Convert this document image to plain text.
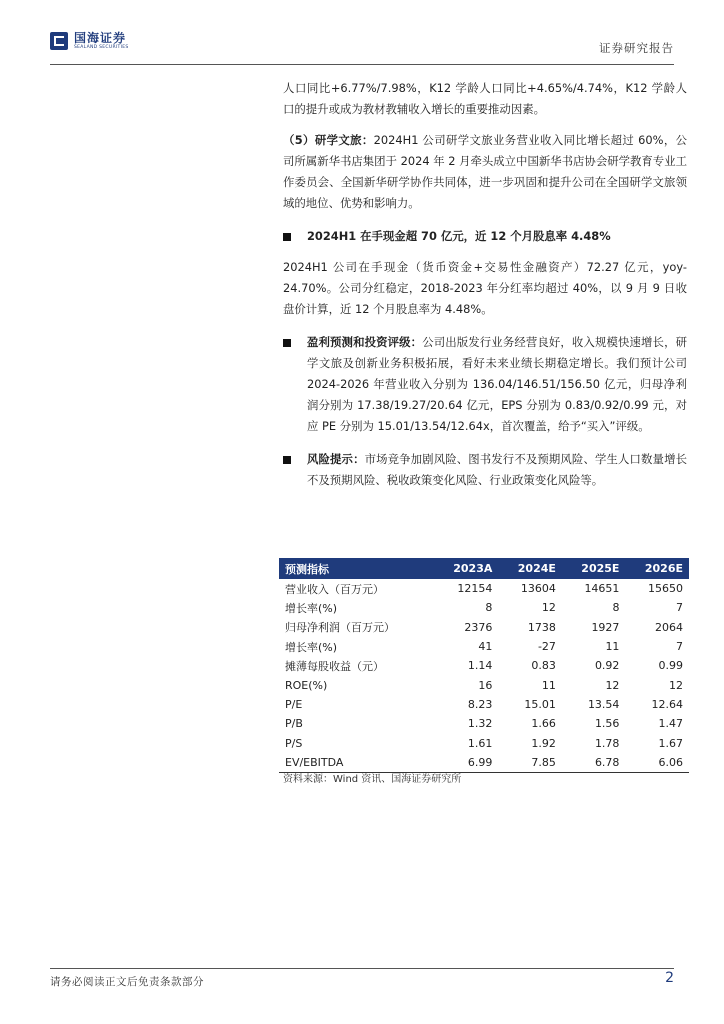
国海证券
SEALAND SECURITIES	证券研究报告

人口同比+6.77%/7.98%，K12 学龄人口同比+4.65%/4.74%，K12 学龄人口的提升或成为教材教辅收入增长的重要推动因素。

（5）研学文旅：2024H1 公司研学文旅业务营业收入同比增长超过 60%，公司所属新华书店集团于 2024 年 2 月牵头成立中国新华书店协会研学教育专业工作委员会、全国新华研学协作共同体，进一步巩固和提升公司在全国研学文旅领域的地位、优势和影响力。

2024H1 在手现金超 70 亿元，近 12 个月股息率 4.48%

2024H1 公司在手现金（货币资金+交易性金融资产）72.27 亿元，yoy-24.70%。公司分红稳定，2018-2023 年分红率均超过 40%，以 9 月 9 日收盘价计算，近 12 个月股息率为 4.48%。

盈利预测和投资评级：公司出版发行业务经营良好，收入规模快速增长，研学文旅及创新业务积极拓展，看好未来业绩长期稳定增长。我们预计公司 2024-2026 年营业收入分别为 136.04/146.51/156.50 亿元，归母净利润分别为 17.38/19.27/20.64 亿元，EPS 分别为 0.83/0.92/0.99 元，对应 PE 分别为 15.01/13.54/12.64x，首次覆盖，给予“买入”评级。
风险提示：市场竞争加剧风险、图书发行不及预期风险、学生人口数量增长不及预期风险、税收政策变化风险、行业政策变化风险等。
预测指标	2023A	2024E	2025E	2026E
营业收入（百万元）	12154	13604	14651	15650
增长率(%)	8	12	8	7
归母净利润（百万元）	2376	1738	1927	2064
增长率(%)	41	-27	11	7
摊薄每股收益（元）	1.14	0.83	0.92	0.99
ROE(%)	16	11	12	12
P/E	8.23	15.01	13.54	12.64
P/B	1.32	1.66	1.56	1.47
P/S	1.61	1.92	1.78	1.67
EV/EBITDA	6.99	7.85	6.78	6.06
资料来源：Wind 资讯、国海证券研究所
请务必阅读正文后免责条款部分	2
